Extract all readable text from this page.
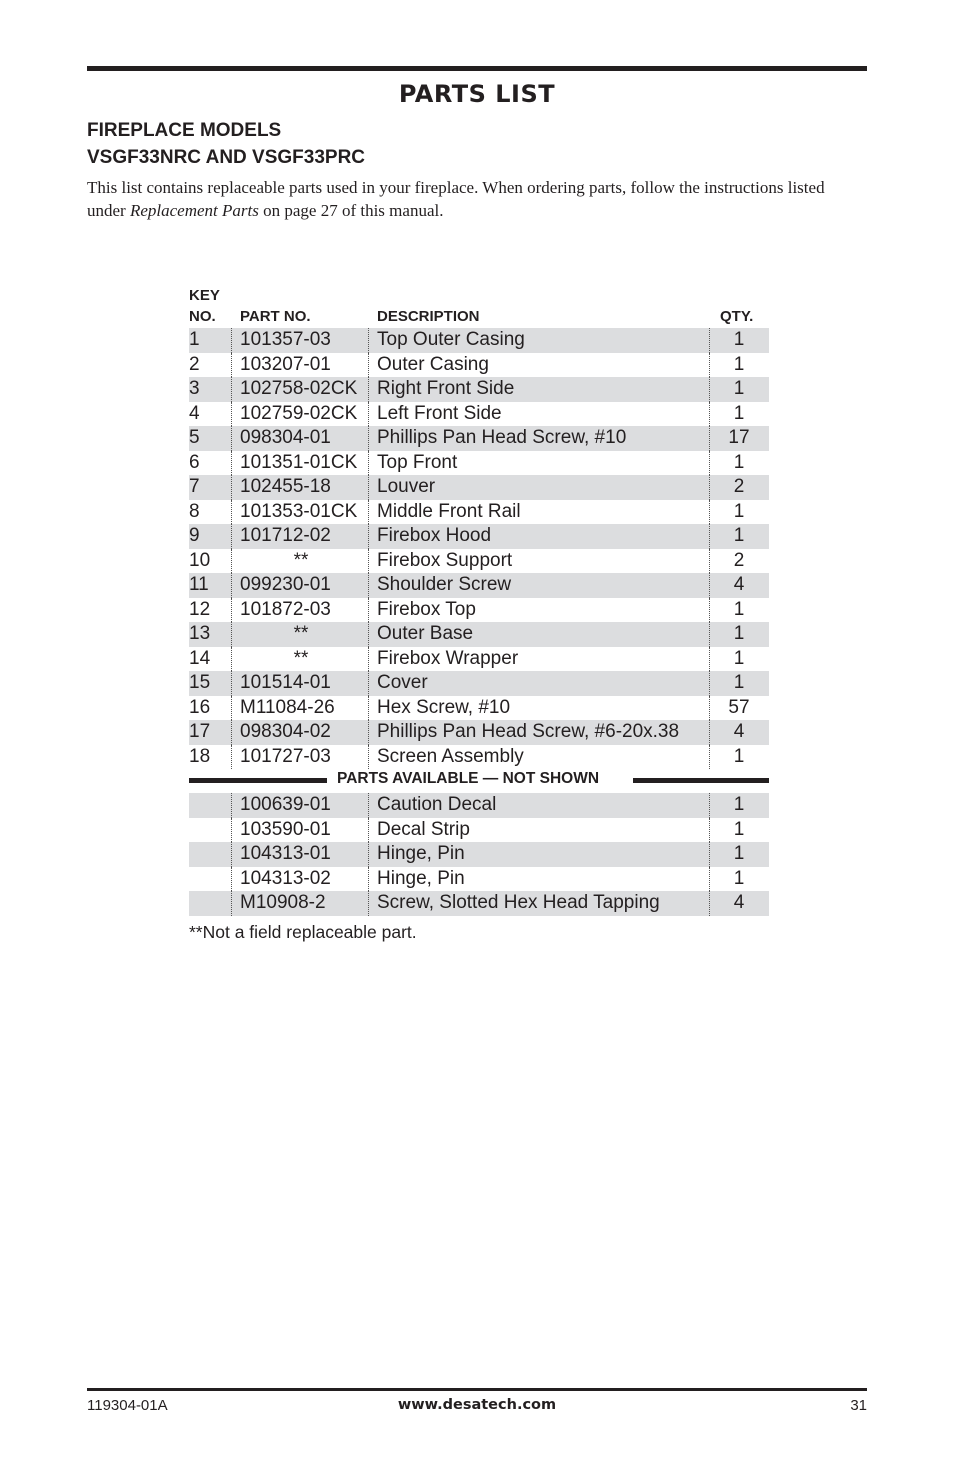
PARTS LIST
FIREPLACE MODELS
VSGF33NRC AND VSGF33PRC

This list contains replaceable parts used in your fireplace. When ordering parts, follow the instructions listed under Replacement Parts on page 27 of this manual.

KEY
NO. PART NO.	DESCRIPTION	QTY.
1 101357-03 Top Outer Casing	1
2 103207-01 Outer Casing	1
3 102758-02CK Right Front Side	1
4 102759-02CK Left Front Side	1
5 098304-01 Phillips Pan Head Screw, #10	17
6 101351-01CK Top Front	1
7 102455-18 Louver	2
8 101353-01CK Middle Front Rail	1
9 101712-02 Firebox Hood	1
10	**	Firebox Support	2
11 099230-01 Shoulder Screw	4
12 101872-03 Firebox Top	1
13	**	Outer Base	1
14	**	Firebox Wrapper	1
15 101514-01 Cover	1
16 M11084-26 Hex Screw, #10	57
17 098304-02 Phillips Pan Head Screw, #6-20x.38	4
18 101727-03 Screen Assembly	1
PARTS AVAILABLE — NOT SHOWN
100639-01 Caution Decal	1
103590-01 Decal Strip	1
104313-01 Hinge, Pin	1
104313-02 Hinge, Pin	1
M10908-2	Screw, Slotted Hex Head Tapping	4
**Not a field replaceable part.
119304-01A	www.desatech.com	31
